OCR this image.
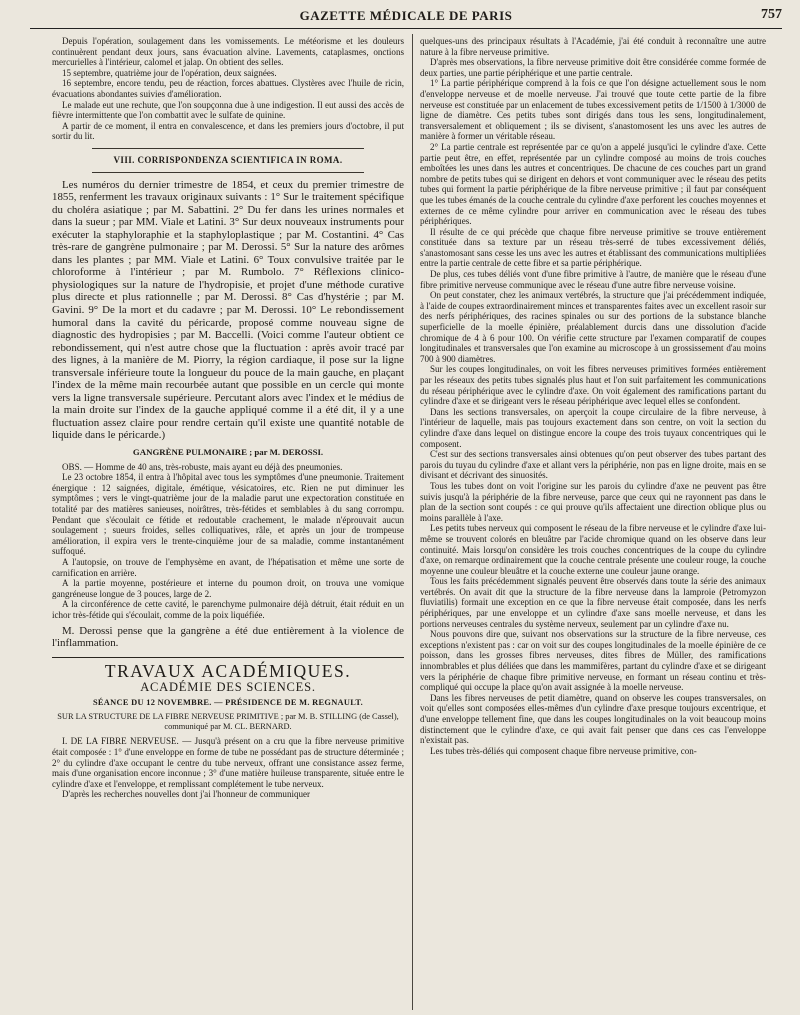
GAZETTE MÉDICALE DE PARIS	757

Depuis l'opération, soulagement dans les vomissements. Le météorisme et les douleurs continuèrent pendant deux jours, sans évacuation alvine. Lavements, cataplasmes, onctions mercurielles à l'intérieur, calomel et jalap. On obtient des selles.

15 septembre, quatrième jour de l'opération, deux saignées.

16 septembre, encore tendu, peu de réaction, forces abattues. Clystères avec l'huile de ricin, évacuations abondantes suivies d'amélioration.

Le malade eut une rechute, que l'on soupçonna due à une indigestion. Il eut aussi des accès de fièvre intermittente que l'on combattit avec le sulfate de quinine.

A partir de ce moment, il entra en convalescence, et dans les premiers jours d'octobre, il put sortir du lit.

VIII. CORRISPONDENZA SCIENTIFICA IN ROMA.

Les numéros du dernier trimestre de 1854, et ceux du premier trimestre de 1855, renferment les travaux originaux suivants : 1° Sur le traitement spécifique du choléra asiatique ; par M. Sabattini. 2° Du fer dans les urines normales et dans la sueur ; par MM. Viale et Latini. 3° Sur deux nouveaux instruments pour exécuter la staphyloraphie et la staphyloplastique ; par M. Costantini. 4° Cas très-rare de gangrène pulmonaire ; par M. Derossi. 5° Sur la nature des arômes dans les plantes ; par MM. Viale et Latini. 6° Toux convulsive traitée par le chloroforme à l'intérieur ; par M. Rumbolo. 7° Réflexions clinico-physiologiques sur la nature de l'hydropisie, et projet d'une méthode curative plus directe et plus rationnelle ; par M. Derossi. 8° Cas d'hystérie ; par M. Gavini. 9° De la mort et du cadavre ; par M. Derossi. 10° Le rebondissement humoral dans la cavité du péricarde, proposé comme nouveau signe de diagnostic des hydropisies ; par M. Baccelli. (Voici comme l'auteur obtient ce rebondissement, qui n'est autre chose que la fluctuation : après avoir tracé par des lignes, à la manière de M. Piorry, la région cardiaque, il pose sur la ligne transversale inférieure toute la longueur du pouce de la main gauche, en plaçant l'index de la même main recourbée autant que possible en un cercle qui monte vers la ligne transversale supérieure. Percutant alors avec l'index et le médius de la main droite sur l'index de la gauche appliqué comme il a été dit, il y a une fluctuation assez claire pour rendre certain qu'il existe une quantité notable de liquide dans le péricarde.)

GANGRÈNE PULMONAIRE ; par M. DEROSSI.

OBS. — Homme de 40 ans, très-robuste, mais ayant eu déjà des pneumonies.

Le 23 octobre 1854, il entra à l'hôpital avec tous les symptômes d'une pneumonie. Traitement énergique : 12 saignées, digitale, émétique, vésicatoires, etc. Rien ne put diminuer les symptômes ; vers le vingt-quatrième jour de la maladie parut une expectoration constituée en totalité par des matières sanieuses, noirâtres, très-fétides et semblables à du sang corrompu. Pendant que s'écoulait ce fétide et redoutable crachement, le malade n'éprouvait aucun soulagement ; sueurs froides, selles colliquatives, râle, et après un jour de trompeuse amélioration, il expira vers le trente-cinquième jour de sa maladie, comme instantanément suffoqué.

A l'autopsie, on trouve de l'emphysème en avant, de l'hépatisation et même une sorte de carnification en arrière.

A la partie moyenne, postérieure et interne du poumon droit, on trouva une vomique gangréneuse longue de 3 pouces, large de 2.

A la circonférence de cette cavité, le parenchyme pulmonaire déjà détruit, était réduit en un ichor très-fétide qui s'écoulait, comme de la poix liquéfiée.

M. Derossi pense que la gangrène a été due entièrement à la violence de l'inflammation.

TRAVAUX ACADÉMIQUES.
ACADÉMIE DES SCIENCES.
SÉANCE DU 12 NOVEMBRE. — PRÉSIDENCE DE M. REGNAULT.
SUR LA STRUCTURE DE LA FIBRE NERVEUSE PRIMITIVE ; par M. B. STILLING (de Cassel), communiqué par M. CL. BERNARD.

I. DE LA FIBRE NERVEUSE. — Jusqu'à présent on a cru que la fibre nerveuse primitive était composée : 1° d'une enveloppe en forme de tube ne possédant pas de structure déterminée ; 2° du cylindre d'axe occupant le centre du tube nerveux, offrant une consistance assez ferme, mais d'une organisation encore inconnue ; 3° d'une matière huileuse transparente, située entre le cylindre d'axe et l'enveloppe, et remplissant complétement le tube nerveux.

D'après les recherches nouvelles dont j'ai l'honneur de communiquer

quelques-uns des principaux résultats à l'Académie, j'ai été conduit à reconnaître une autre nature à la fibre nerveuse primitive.

D'après mes observations, la fibre nerveuse primitive doit être considérée comme formée de deux parties, une partie périphérique et une partie centrale.

1° La partie périphérique comprend à la fois ce que l'on désigne actuellement sous le nom d'enveloppe nerveuse et de moelle nerveuse. J'ai trouvé que toute cette partie de la fibre nerveuse est constituée par un enlacement de tubes excessivement petits de 1/1500 à 1/3000 de ligne de diamètre. Ces petits tubes sont dirigés dans tous les sens, longitudinalement, transversalement et obliquement ; ils se divisent, s'anastomosent les uns avec les autres de manière à former un véritable réseau.

2° La partie centrale est représentée par ce qu'on a appelé jusqu'ici le cylindre d'axe. Cette partie peut être, en effet, représentée par un cylindre composé au moins de trois couches emboîtées les unes dans les autres et concentriques. De chacune de ces couches part un grand nombre de petits tubes qui se dirigent en dehors et vont communiquer avec le réseau des petits tubes qui forment la partie périphérique de la fibre nerveuse primitive ; il faut par conséquent que les tubes émanés de la couche centrale du cylindre d'axe perforent les couches moyennes et externes de ce même cylindre pour arriver en communication avec le réseau des tubes périphériques.

Il résulte de ce qui précède que chaque fibre nerveuse primitive se trouve entièrement constituée dans sa texture par un réseau très-serré de tubes excessivement déliés, s'anastomosant sans cesse les uns avec les autres et établissant des communications multipliées entre la partie centrale de cette fibre et sa partie périphérique.

De plus, ces tubes déliés vont d'une fibre primitive à l'autre, de manière que le réseau d'une fibre primitive nerveuse communique avec le réseau d'une autre fibre nerveuse voisine.

On peut constater, chez les animaux vertébrés, la structure que j'ai précédemment indiquée, à l'aide de coupes extraordinairement minces et transparentes faites avec un excellent rasoir sur des nerfs périphériques, des racines spinales ou sur des portions de la substance blanche superficielle de la moelle épinière, préalablement durcis dans une dissolution d'acide chromique de 4 à 6 pour 100. On vérifie cette structure par l'examen comparatif de coupes longitudinales et transversales que l'on examine au microscope à un grossissement d'au moins 700 à 900 diamètres.

Sur les coupes longitudinales, on voit les fibres nerveuses primitives formées entièrement par les réseaux des petits tubes signalés plus haut et l'on suit parfaitement les communications du réseau périphérique avec le cylindre d'axe. On voit également des ramifications partant du cylindre d'axe et se dirigeant vers le réseau périphérique avec lequel elles se confondent.

Dans les sections transversales, on aperçoit la coupe circulaire de la fibre nerveuse, à l'intérieur de laquelle, mais pas toujours exactement dans son centre, on voit la section du cylindre d'axe dans lequel on distingue encore la coupe des trois tuyaux concentriques qui le composent.

C'est sur des sections transversales ainsi obtenues qu'on peut observer des tubes partant des parois du tuyau du cylindre d'axe et allant vers la périphérie, non pas en ligne droite, mais en se divisant et décrivant des sinuosités.

Tous les tubes dont on voit l'origine sur les parois du cylindre d'axe ne peuvent pas être suivis jusqu'à la périphérie de la fibre nerveuse, parce que ceux qui ne rayonnent pas dans le plan de la section sont coupés : ce qui prouve qu'ils affectaient une direction oblique plus ou moins parallèle à l'axe.

Les petits tubes nerveux qui composent le réseau de la fibre nerveuse et le cylindre d'axe lui-même se trouvent colorés en bleuâtre par l'acide chromique quand on les observe dans leur continuité. Mais lorsqu'on considère les trois couches concentriques de la coupe du cylindre d'axe, on remarque ordinairement que la couche centrale présente une couleur rouge, la couche moyenne une couleur bleuâtre et la couche externe une couleur jaune orange.

Tous les faits précédemment signalés peuvent être observés dans toute la série des animaux vertébrés. On avait dit que la structure de la fibre nerveuse dans la lamproie (Petromyzon fluviatilis) formait une exception en ce que la fibre nerveuse était composée, dans les nerfs périphériques, par une enveloppe et un cylindre d'axe sans moelle nerveuse, et dans les portions nerveuses centrales du système nerveux, seulement par un cylindre d'axe nu.

Nous pouvons dire que, suivant nos observations sur la structure de la fibre nerveuse, ces exceptions n'existent pas : car on voit sur des coupes longitudinales de la moelle épinière de ce poisson, dans les grosses fibres nerveuses, dites fibres de Müller, des ramifications innombrables et plus déliées que dans les mammifères, partant du cylindre d'axe et se dirigeant vers la périphérie de chaque fibre primitive nerveuse, en formant un réseau continu et très-compliqué qui occupe la place qu'on avait assignée à la moelle nerveuse.

Dans les fibres nerveuses de petit diamètre, quand on observe les coupes transversales, on voit qu'elles sont composées elles-mêmes d'un cylindre d'axe presque toujours excentrique, et d'une enveloppe tellement fine, que dans les coupes longitudinales on la voit beaucoup moins distinctement que le cylindre d'axe, ce qui avait fait penser que dans ces cas l'enveloppe n'existait pas.

Les tubes très-déliés qui composent chaque fibre nerveuse primitive, con-
